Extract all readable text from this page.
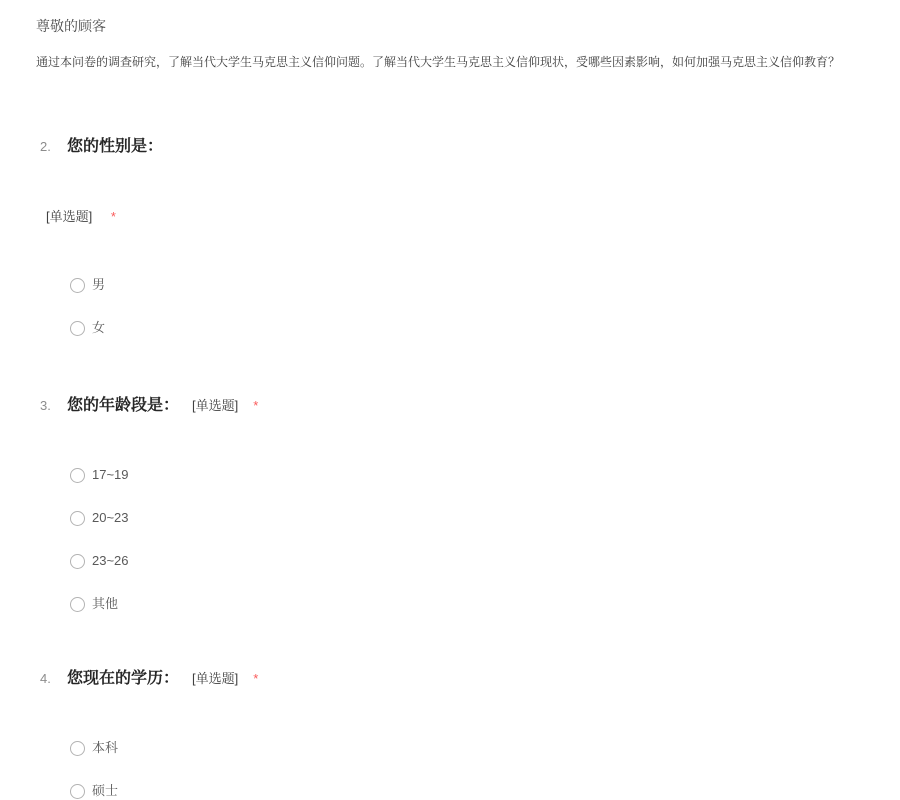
尊敬的顾客
通过本问卷的调查研究，了解当代大学生马克思主义信仰问题。了解当代大学生马克思主义信仰现状，受哪些因素影响，如何加强马克思主义信仰教育？
2.	您的性别是：
[单选题] *
男
女
3.	您的年龄段是： [单选题] *
17~19
20~23
23~26
其他
4.	您现在的学历： [单选题] *
本科
硕士
